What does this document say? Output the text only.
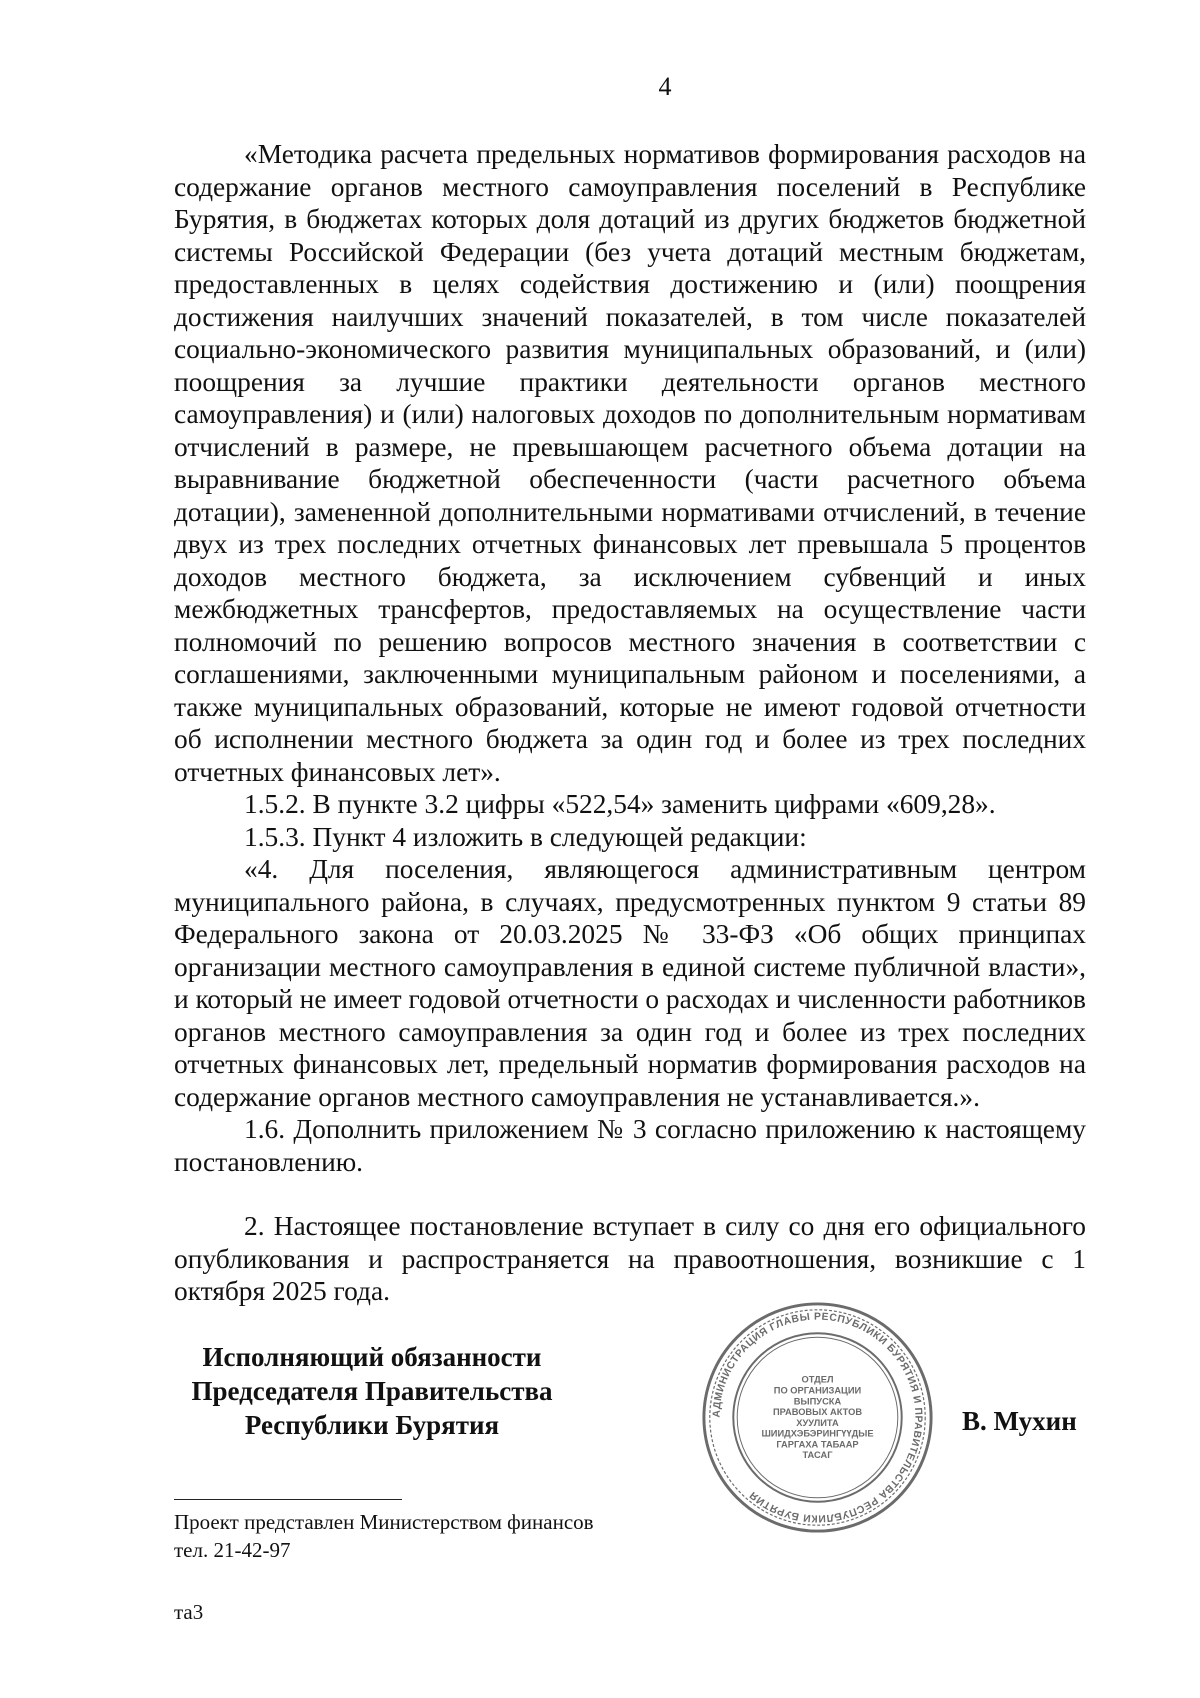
4

«Методика расчета предельных нормативов формирования расходов на содержание органов местного самоуправления поселений в Республике Бурятия, в бюджетах которых доля дотаций из других бюджетов бюджетной системы Российской Федерации (без учета дотаций местным бюджетам, предоставленных в целях содействия достижению и (или) поощрения достижения наилучших значений показателей, в том числе показателей социально-экономического развития муниципальных образований, и (или) поощрения за лучшие практики деятельности органов местного самоуправления) и (или) налоговых доходов по дополнительным нормативам отчислений в размере, не превышающем расчетного объема дотации на выравнивание бюджетной обеспеченности (части расчетного объема дотации), замененной дополнительными нормативами отчислений, в течение двух из трех последних отчетных финансовых лет превышала 5 процентов доходов местного бюджета, за исключением субвенций и иных межбюджетных трансфертов, предоставляемых на осуществление части полномочий по решению вопросов местного значения в соответствии с соглашениями, заключенными муниципальным районом и поселениями, а также муниципальных образований, которые не имеют годовой отчетности об исполнении местного бюджета за один год и более из трех последних отчетных финансовых лет».

1.5.2. В пункте 3.2 цифры «522,54» заменить цифрами «609,28».

1.5.3. Пункт 4 изложить в следующей редакции:

«4. Для поселения, являющегося административным центром муниципального района, в случаях, предусмотренных пунктом 9 статьи 89 Федерального закона от 20.03.2025 № 33-ФЗ «Об общих принципах организации местного самоуправления в единой системе публичной власти», и который не имеет годовой отчетности о расходах и численности работников органов местного самоуправления за один год и более из трех последних отчетных финансовых лет, предельный норматив формирования расходов на содержание органов местного самоуправления не устанавливается.».

1.6. Дополнить приложением № 3 согласно приложению к настоящему постановлению.

2. Настоящее постановление вступает в силу со дня его официального опубликования и распространяется на правоотношения, возникшие с 1 октября 2025 года.

Исполняющий обязанности
Председателя Правительства
Республики Бурятия	АДМИНИСТРАЦИЯ ГЛАВЫ РЕСПУБЛИКИ БУРЯТИЯ И ПРАВИТЕЛЬСТВА РЕСПУБЛИКИ БУРЯТИЯ
ОТДЕЛ
ПО ОРГАНИЗАЦИИ
ВЫПУСКА
ПРАВОВЫХ АКТОВ
ХУУЛИТА
ШИИДХЭБЭРИНГҮҮДЫЕ
ГАРГАХА ТАБААР
ТАСАГ
В. Мухин
Проект представлен Министерством финансов
тел. 21-42-97
та3
